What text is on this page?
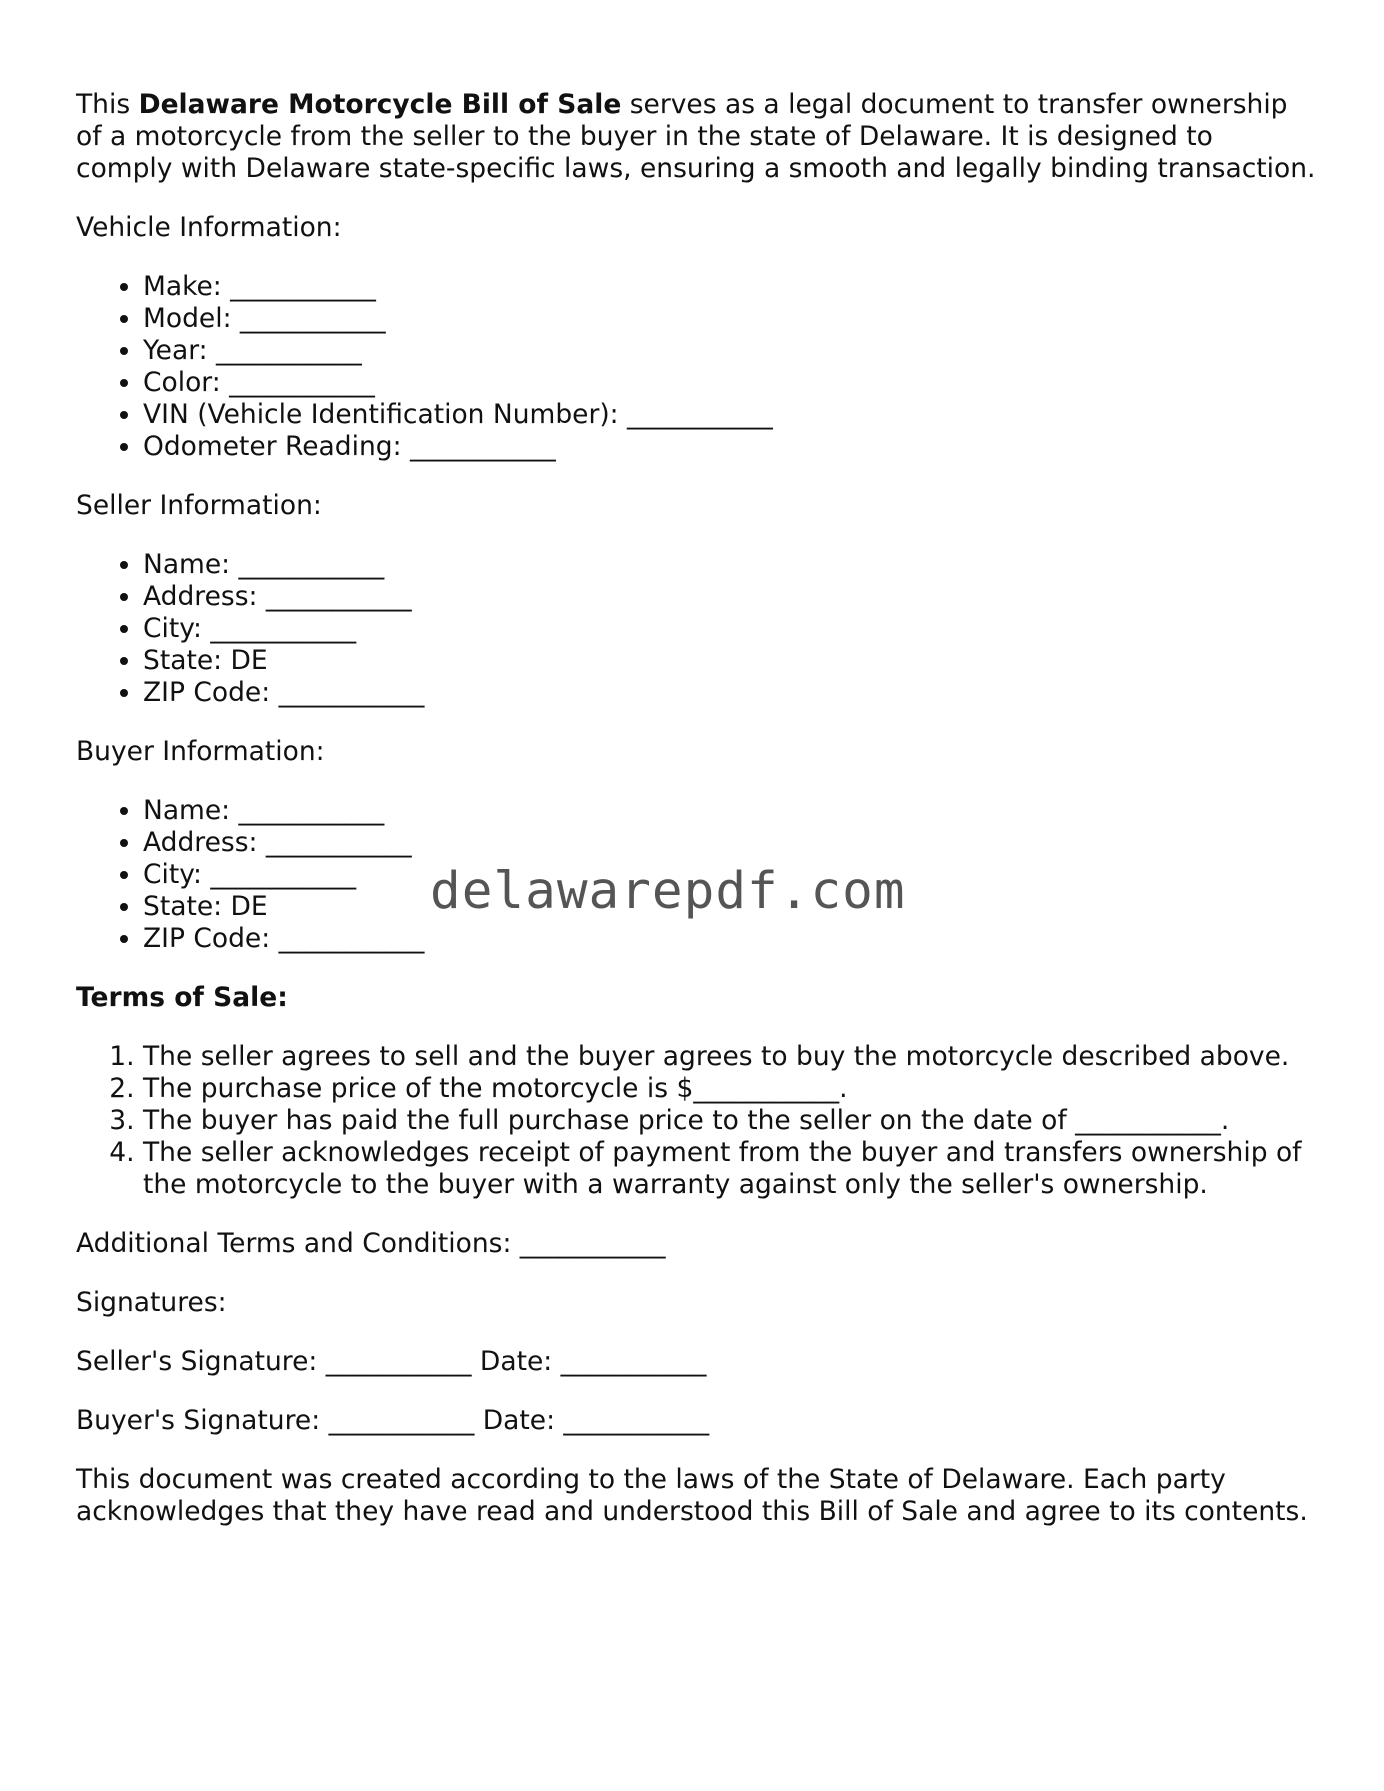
This Delaware Motorcycle Bill of Sale serves as a legal document to transfer ownership of a motorcycle from the seller to the buyer in the state of Delaware. It is designed to comply with Delaware state-specific laws, ensuring a smooth and legally binding transaction.

Vehicle Information:

• Make: ___________
• Model: ___________
• Year: ___________
• Color: ___________
• VIN (Vehicle Identification Number): ___________
• Odometer Reading: ___________

Seller Information:

• Name: ___________
• Address: ___________
• City: ___________
• State: DE
• ZIP Code: ___________

Buyer Information:

• Name: ___________
• Address: ___________
• City: ___________
• State: DE
• ZIP Code: ___________

Terms of Sale:

1. The seller agrees to sell and the buyer agrees to buy the motorcycle described above.
2. The purchase price of the motorcycle is $___________.
3. The buyer has paid the full purchase price to the seller on the date of ___________.
4. The seller acknowledges receipt of payment from the buyer and transfers ownership of the motorcycle to the buyer with a warranty against only the seller's ownership.

Additional Terms and Conditions: ___________

Signatures:

Seller's Signature: ___________ Date: ___________

Buyer's Signature: ___________ Date: ___________

This document was created according to the laws of the State of Delaware. Each party acknowledges that they have read and understood this Bill of Sale and agree to its contents.

delawarepdf.com
